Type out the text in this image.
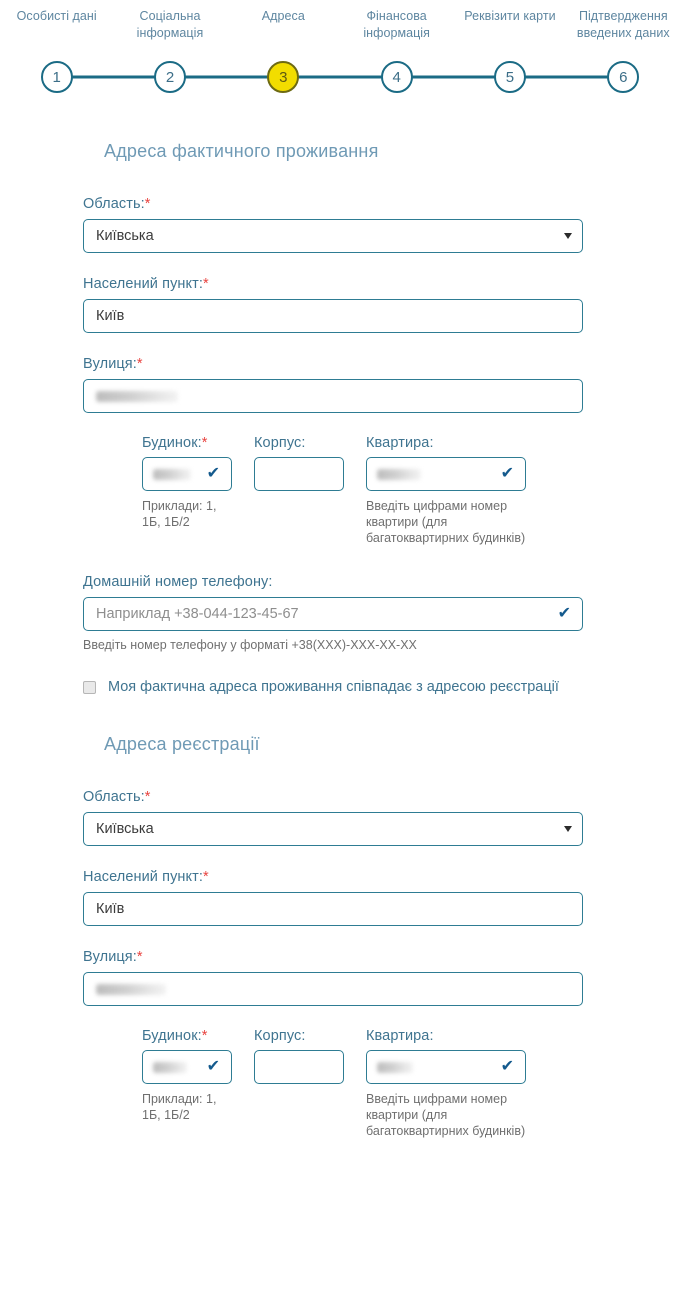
Особисті дані	Соціальна інформація
Адреса	Фінансова інформація
Реквізити карти	Підтвердження введених даних
1	2	3	4	5	6
Адреса фактичного проживання
Область:*
Київська
Населений пункт:*
Київ
Вулиця:*
Будинок:*
✔
Приклади: 1, 1Б, 1Б/2
Корпус:	Квартира:
✔
Введіть цифрами номер квартири (для багатоквартирних будинків)
Домашній номер телефону:
Наприклад +38-044-123-45-67	✔
Введіть номер телефону у форматі +38(XXX)-XXX-XX-XX
Моя фактична адреса проживання співпадає з адресою реєстрації
Адреса реєстрації
Область:*
Київська
Населений пункт:*
Київ
Вулиця:*
Будинок:*
✔
Приклади: 1, 1Б, 1Б/2
Корпус:	Квартира:
✔
Введіть цифрами номер квартири (для багатоквартирних будинків)
